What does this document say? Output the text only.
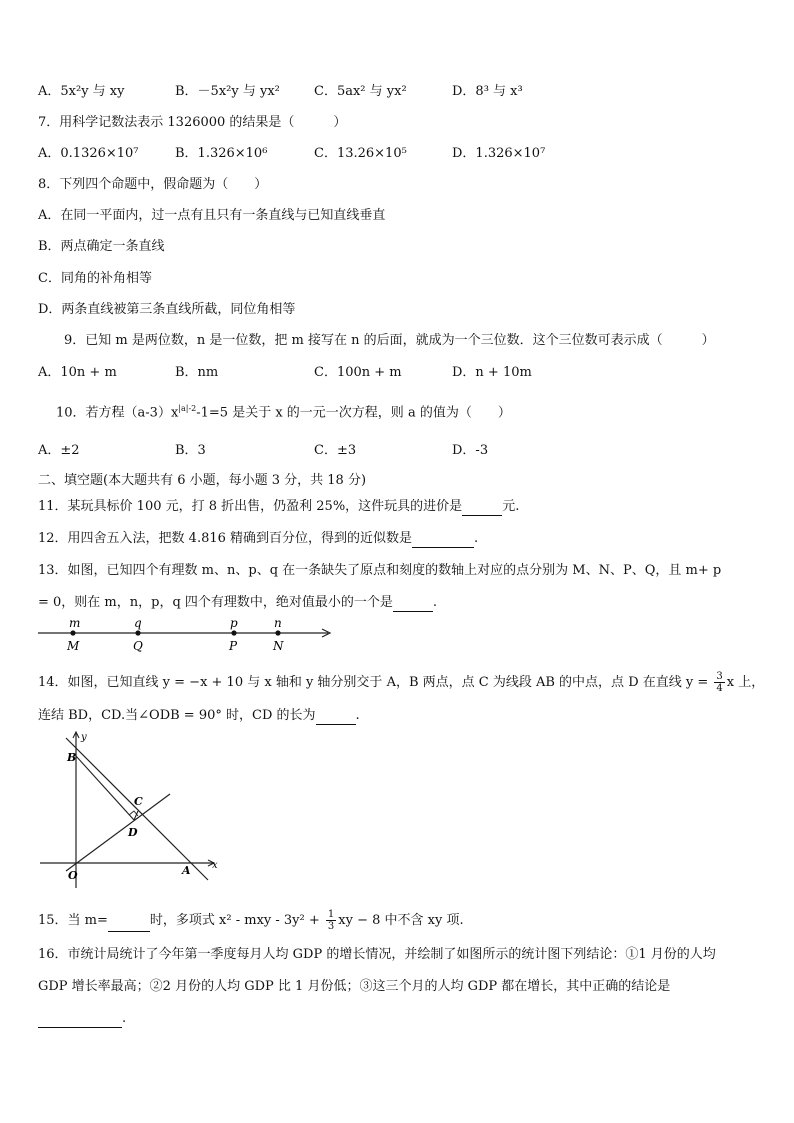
A．5x²y 与 xy	B．－5x²y 与 yx²	C．5ax² 与 yx²	D．8³ 与 x³
7．用科学记数法表示 1326000 的结果是（　　　）
A．0.1326×10⁷	B．1.326×10⁶	C．13.26×10⁵	D．1.326×10⁷
8．下列四个命题中，假命题为（　　）
A．在同一平面内，过一点有且只有一条直线与已知直线垂直
B．两点确定一条直线
C．同角的补角相等
D．两条直线被第三条直线所截，同位角相等
9．已知 m 是两位数，n 是一位数，把 m 接写在 n 的后面，就成为一个三位数．这个三位数可表示成（　　　）
A．10n + m	B．nm	C．100n + m	D．n + 10m
10．若方程$(a-3)x^{|a|-2}-1=5$ 是关于 x 的一元一次方程，则 a 的值为（　　）
A．±2	B．3	C．±3	D．-3
二、填空题(本大题共有 6 小题，每小题 3 分，共 18 分)
11．某玩具标价 100 元，打 8 折出售，仍盈利 25%，这件玩具的进价是	元.
12．用四舍五入法，把数 4.816 精确到百分位，得到的近似数是	.
13．如图，已知四个有理数 m、n、p、q 在一条缺失了原点和刻度的数轴上对应的点分别为 M、N、P、Q，且 m+ p
= 0，则在 m，n，p，q 四个有理数中，绝对值最小的一个是	.
m
M
q
Q
p
P
n
N
14．如图，已知直线 y = −x + 10 与 x 轴和 y 轴分别交于 A，B 两点，点 C 为线段 AB 的中点，点 D 在直线 $y = \frac{3}{4}$ x 上，
连结 BD，CD.当∠ODB = 90° 时，CD 的长为	.
B
y
C
D
O	A x
15．当 m=	时，多项式 x² - mxy - $3y^2 + \frac{1}{3}$ xy − 8 中不含 xy 项.
16．市统计局统计了今年第一季度每月人均 GDP 的增长情况，并绘制了如图所示的统计图下列结论：①1 月份的人均
GDP 增长率最高；②2 月份的人均 GDP 比 1 月份低；③这三个月的人均 GDP 都在增长，其中正确的结论是
.
